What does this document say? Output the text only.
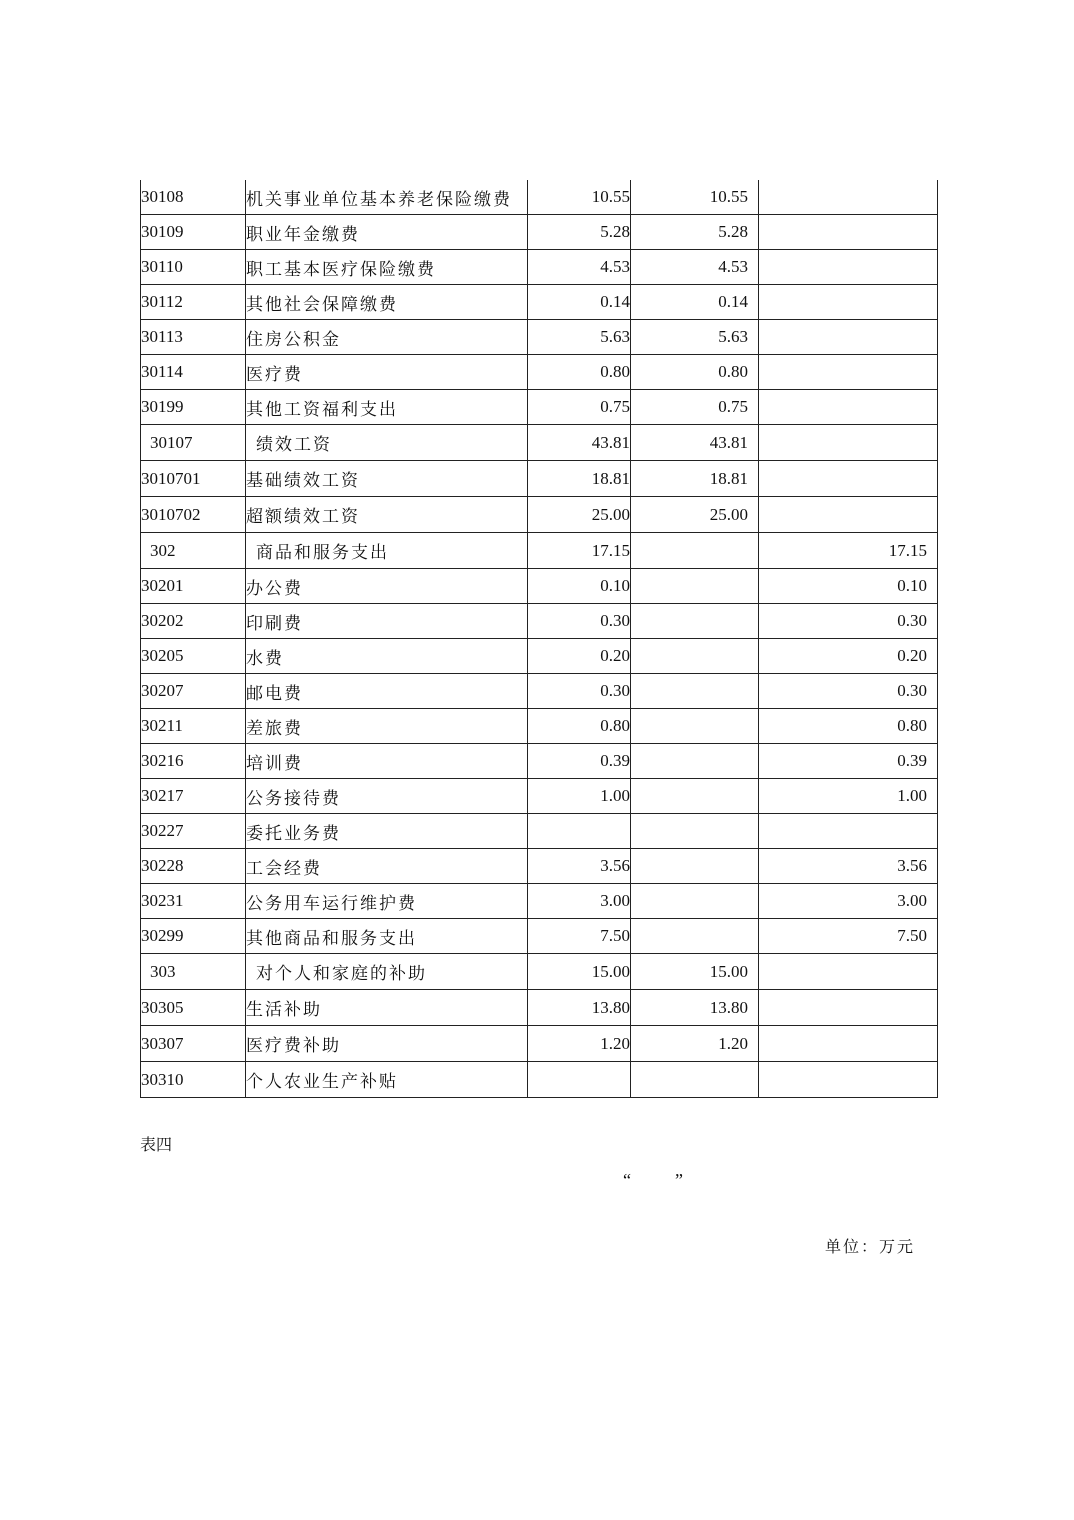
30108	机关事业单位基本养老保险缴费	10.55	10.55	
30109	职业年金缴费	5.28	5.28	
30110	职工基本医疗保险缴费	4.53	4.53	
30112	其他社会保障缴费	0.14	0.14	
30113	住房公积金	5.63	5.63	
30114	医疗费	0.80	0.80	
30199	其他工资福利支出	0.75	0.75	
30107	绩效工资	43.81	43.81	
3010701	基础绩效工资	18.81	18.81	
3010702	超额绩效工资	25.00	25.00	
302	商品和服务支出	17.15		17.15
30201	办公费	0.10		0.10
30202	印刷费	0.30		0.30
30205	水费	0.20		0.20
30207	邮电费	0.30		0.30
30211	差旅费	0.80		0.80
30216	培训费	0.39		0.39
30217	公务接待费	1.00		1.00
30227	委托业务费			
30228	工会经费	3.56		3.56
30231	公务用车运行维护费	3.00		3.00
30299	其他商品和服务支出	7.50		7.50
303	对个人和家庭的补助	15.00	15.00	
30305	生活补助	13.80	13.80	
30307	医疗费补助	1.20	1.20	
30310	个人农业生产补贴			
表四
“ ”
单位：万元
